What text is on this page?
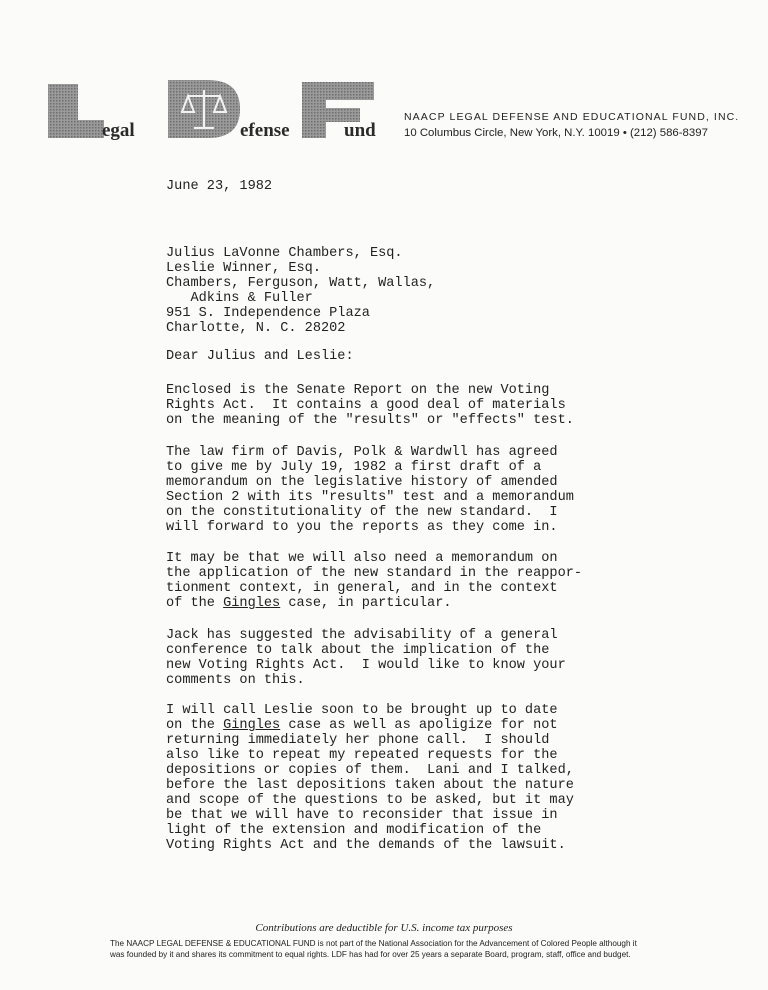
egal	efense	und
NAACP LEGAL DEFENSE AND EDUCATIONAL FUND, INC.
10 Columbus Circle, New York, N.Y. 10019 • (212) 586-8397
June 23, 1982
Julius LaVonne Chambers, Esq.
Leslie Winner, Esq.
Chambers, Ferguson, Watt, Wallas,
Adkins & Fuller
951 S. Independence Plaza
Charlotte, N. C. 28202
Dear Julius and Leslie:
Enclosed is the Senate Report on the new Voting
Rights Act.  It contains a good deal of materials
on the meaning of the "results" or "effects" test.
The law firm of Davis, Polk & Wardwll has agreed
to give me by July 19, 1982 a first draft of a
memorandum on the legislative history of amended
Section 2 with its "results" test and a memorandum
on the constitutionality of the new standard.  I
will forward to you the reports as they come in.
It may be that we will also need a memorandum on
the application of the new standard in the reappor-
tionment context, in general, and in the context
of the Gingles case, in particular.
Jack has suggested the advisability of a general
conference to talk about the implication of the
new Voting Rights Act.  I would like to know your
comments on this.
I will call Leslie soon to be brought up to date
on the Gingles case as well as apoligize for not
returning immediately her phone call.  I should
also like to repeat my repeated requests for the
depositions or copies of them.  Lani and I talked,
before the last depositions taken about the nature
and scope of the questions to be asked, but it may
be that we will have to reconsider that issue in
light of the extension and modification of the
Voting Rights Act and the demands of the lawsuit.
Contributions are deductible for U.S. income tax purposes
The NAACP LEGAL DEFENSE & EDUCATIONAL FUND is not part of the National Association for the Advancement of Colored People although it
was founded by it and shares its commitment to equal rights. LDF has had for over 25 years a separate Board, program, staff, office and budget.
